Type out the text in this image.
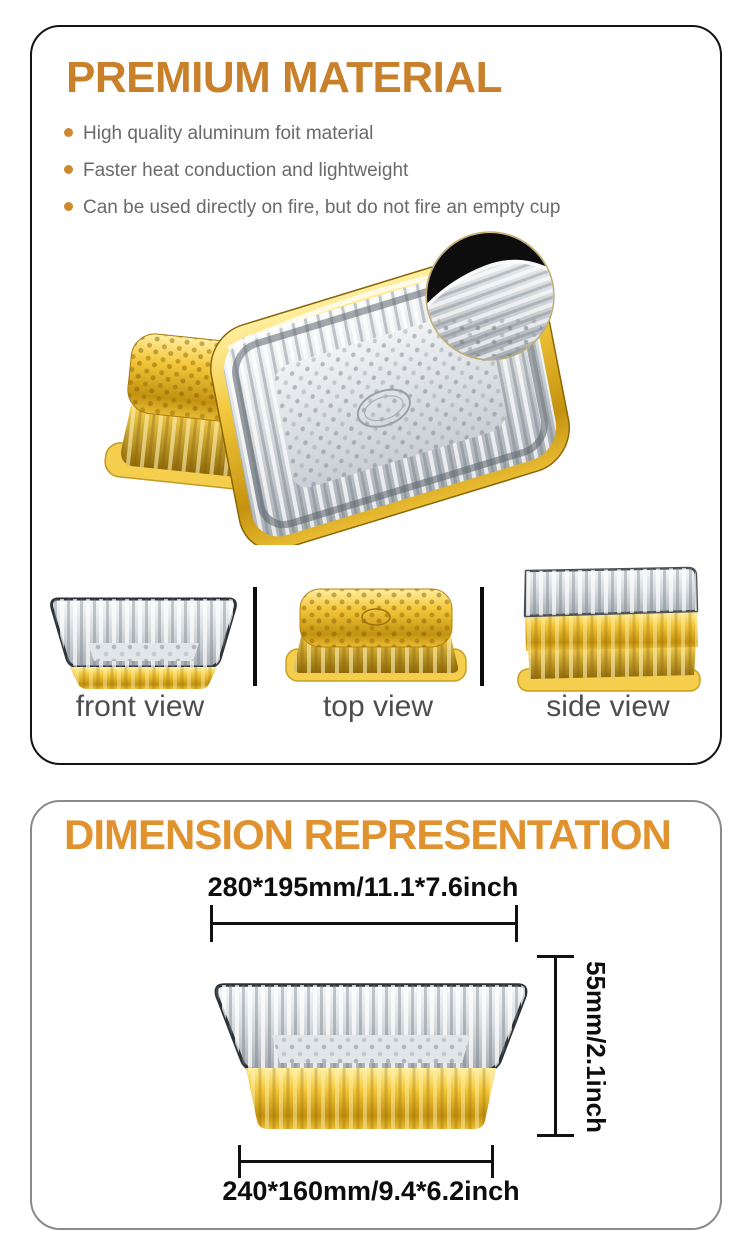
PREMIUM MATERIAL
High quality aluminum foit material
Faster heat conduction and lightweight
Can be used directly on fire, but do not fire an empty cup
front view	top view	side view
DIMENSION REPRESENTATION
280*195mm/11.1*7.6inch
55mm/2.1inch
240*160mm/9.4*6.2inch
